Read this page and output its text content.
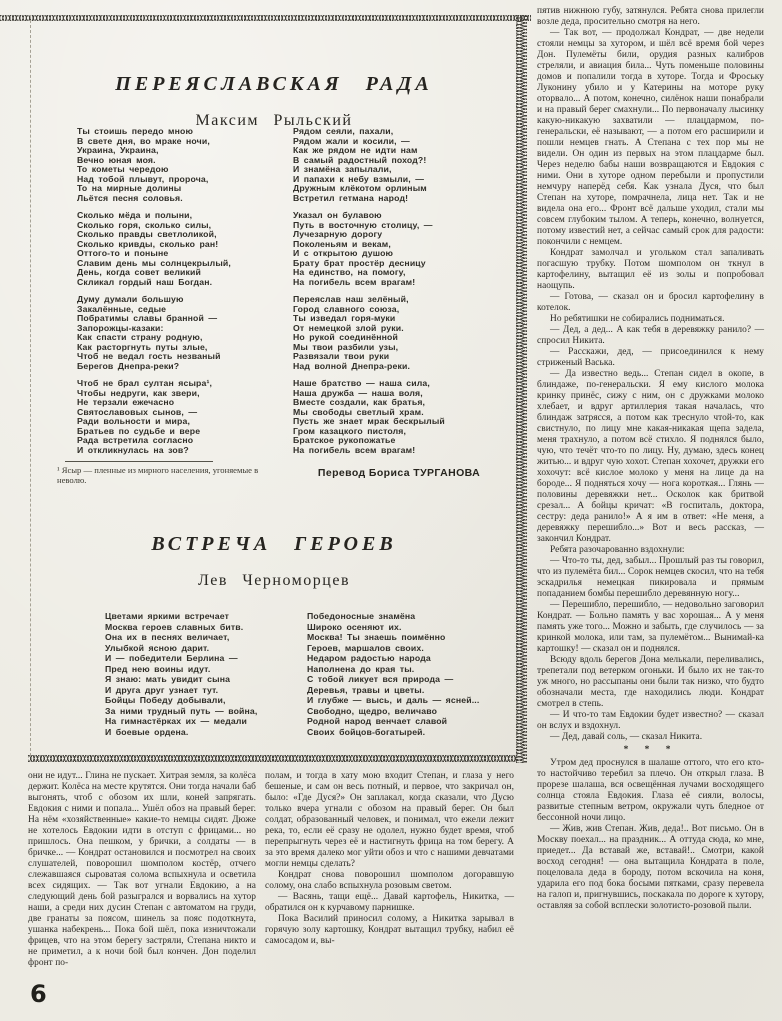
ПЕРЕЯСЛАВСКАЯ РАДА
Максим Рыльский
Ты стоишь передо мною
В свете дня, во мраке ночи,
Украина, Украина,
Вечно юная моя.
То кометы чередою
Над тобой плывут, пророча,
То на мирные долины
Льётся песня соловья.
Сколько мёда и полыни,
Сколько горя, сколько силы,
Сколько правды светлоликой,
Сколько кривды, сколько ран!
Оттого-то и поныне
Славим день мы солнцекрылый,
День, когда совет великий
Скликал гордый наш Богдан.
Думу думали большую
Закалённые, седые
Побратимы славы бранной —
Запорожцы-казаки:
Как спасти страну родную,
Как расторгнуть путы злые,
Чтоб не ведал гость незваный
Берегов Днепра-реки?
Чтоб не брал султан ясыра¹,
Чтобы недруги, как звери,
Не терзали ежечасно
Святославовых сынов, —
Ради вольности и мира,
Братьев по судьбе и вере
Рада встретила согласно
И откликнулась на зов?
Рядом сеяли, пахали,
Рядом жали и косили, —
Как же рядом не идти нам
В самый радостный поход?!
И знамёна запылали,
И папахи к небу взмыли, —
Дружным клёкотом орлиным
Встретил гетмана народ!
Указал он булавою
Путь в восточную столицу, —
Лучезарную дорогу
Поколеньям и векам,
И с открытою душою
Брату брат простёр десницу
На единство, на помогу,
На погибель всем врагам!
Переяслав наш зелёный,
Город славного союза,
Ты изведал горя-муки
От немецкой злой руки.
Но рукой соединённой
Мы твои разбили узы,
Развязали твои руки
Над волной Днепра-реки.
Наше братство — наша сила,
Наша дружба — наша воля,
Вместе создали, как братья,
Мы свободы светлый храм.
Пусть же знает мрак бескрылый
Гром казацкого пистоля,
Братское рукопожатье
На погибель всем врагам!
Перевод Бориса ТУРГАНОВА
¹ Ясыр — пленные из мирного населения, угоняемые в неволю.
ВСТРЕЧА ГЕРОЕВ
Лев Черноморцев
Цветами яркими встречает
Москва героев славных битв.
Она их в песнях величает,
Улыбкой ясною дарит.
И — победители Берлина —
Пред нею воины идут.
Я знаю: мать увидит сына
И друга друг узнает тут.
Бойцы Победу добывали,
За ними трудный путь — война,
На гимнастёрках их — медали
И боевые ордена.
Победоносные знамёна
Широко осеняют их.
Москва! Ты знаешь поимённо
Героев, маршалов своих.
Недаром радостью народа
Наполнена до края ты.
С тобой ликует вся природа —
Деревья, травы и цветы.
И глубже — высь, и даль — ясней...
Свободно, щедро, величаво
Родной народ венчает славой
Своих бойцов-богатырей.

пятив нижнюю губу, затянулся. Ребята снова прилегли возле деда, просительно смотря на него.

— Так вот, — продолжал Кондрат, — две недели стояли немцы за хутором, и шёл всё время бой через Дон. Пулемёты били, орудия разных калибров стреляли, и авиация била... Чуть поменьше половины домов и попалили тогда в хуторе. Тогда и Фроську Луконину убило и у Катерины на моторе руку оторвало... А потом, конечно, силёнок наши понабрали и на правый берег смахнули... По первоначалу лысинку какую-никакую захватили — плацдармом, по-генеральски, её называют, — а потом его расширили и пошли немцев гнать. А Степана с тех пор мы не видели. Он один из первых на этом плацдарме был. Через неделю бабы наши возвращаются и Евдокия с ними. Они в хуторе одном перебыли и пропустили немчуру наперёд себя. Как узнала Дуся, что был Степан на хуторе, помрачнела, лица нет. Так и не видела она его... Фронт всё дальше уходил, стали мы совсем глубоким тылом. А теперь, конечно, волнуется, потому известий нет, а сейчас самый срок для радости: покончили с немцем.

Кондрат замолчал и угольком стал запаливать погасшую трубку. Потом шомполом он ткнул в картофелину, вытащил её из золы и попробовал наощупь.

— Готова, — сказал он и бросил картофелину в котелок.

Но ребятишки не собирались подниматься.

— Дед, а дед... А как тебя в деревяжку ранило? — спросил Никита.

— Расскажи, дед, — присоединился к нему стриженый Васька.

— Да известно ведь... Степан сидел в окопе, в блиндаже, по-генеральски. Я ему кислого молока кринку принёс, сижу с ним, он с дружками молоко хлебает, и вдруг артиллерия такая началась, что блиндаж затрясся, а потом как треснуло чтой-то, как свистнуло, по лицу мне какая-никакая щепа задела, меня трахнуло, а потом всё стихло. Я поднялся было, чую, что течёт что-то по лицу. Ну, думаю, здесь конец житью... и вдруг чую хохот. Степан хохочет, дружки его хохочут: всё кислое молоко у меня на лице да на бороде... Я подняться хочу — нога короткая... Глянь — половины деревяжки нет... Осколок как бритвой срезал... А бойцы кричат: «В госпиталь, доктора, сестру: деда ранило!» А я им в ответ: «Не меня, а деревяжку перешибло...» Вот и весь рассказ, — закончил Кондрат.

Ребята разочарованно вздохнули:

— Что-то ты, дед, забыл... Прошлый раз ты говорил, что из пулемёта бил... Сорок немцев скосил, что на тебя эскадрилья немецкая пикировала и прямым попаданием бомбы перешибло деревянную ногу...

— Перешибло, перешибло, — недовольно заговорил Кондрат. — Больно память у вас хорошая... А у меня память уже того... Можно и забыть, где случилось — за кринкой молока, или там, за пулемётом... Вынимай-ка картошку! — сказал он и поднялся.

Всюду вдоль берегов Дона мелькали, переливались, трепетали под ветерком огоньки. И было их не так-то уж много, но рассыпаны они были так низко, что будто обозначали места, где находились люди. Кондрат смотрел в степь.

— И что-то там Евдокии будет известно? — сказал он вслух и вздохнул.

— Дед, давай соль, — сказал Никита.

* * *

Утром дед проснулся в шалаше оттого, что его кто-то настойчиво теребил за плечо. Он открыл глаза. В прорезе шалаша, вся освещённая лучами восходящего солнца стояла Евдокия. Глаза её сияли, волосы, развитые степным ветром, окружали чуть бледное от бессонной ночи лицо.

— Жив, жив Степан. Жив, деда!.. Вот письмо. Он в Москву поехал... на праздник... А оттуда сюда, ко мне, приедет... Да вставай же, вставай!.. Смотри, какой восход сегодня! — она вытащила Кондрата в поле, поцеловала деда в бороду, потом вскочила на коня, ударила его под бока босыми пятками, сразу перевела на галоп и, пригнувшись, поскакала по дороге к хутору, оставляя за собой всплески золотисто-розовой пыли.

они не идут... Глина не пускает. Хитрая земля, за колёса держит. Колёса на месте крутятся. Они тогда начали баб выгонять, чтоб с обозом их шли, коней запрягать. Евдокия с ними и попала... Ушёл обоз на правый берег. На нём «хозяйственные» какие-то немцы сидят. Дюже не хотелось Евдокии идти в отступ с фрицами... но пришлось. Она пешком, у брички, а солдаты — в бричке... — Кондрат остановился и посмотрел на своих слушателей, поворошил шомполом костёр, отчего слежавшаяся сыроватая солома вспыхнула и осветила всех сидящих. — Так вот угнали Евдокию, а на следующий день бой разыгрался и ворвались на хутор наши, а среди них дусин Степан с автоматом на груди, две гранаты за поясом, шинель за пояс подоткнута, ушанка набекрень... Пока бой шёл, пока изничтожали фрицев, что на этом берегу застряли, Степана никто и не приметил, а к ночи бой был кончен. Дон поделил фронт по-

полам, и тогда в хату мою входит Степан, и глаза у него бешеные, и сам он весь потный, и первое, что закричал он, было: «Где Дуся?» Он заплакал, когда сказали, что Дусю только вчера угнали с обозом на правый берег. Он был солдат, образованный человек, и понимал, что ежели лежит река, то, если её сразу не одолел, нужно будет время, чтоб перепрыгнуть через её и настигнуть фрица на том берегу. А за это время далеко мог уйти обоз и что с нашими девчатами могли немцы сделать?

Кондрат снова поворошил шомполом догоравшую солому, она слабо вспыхнула розовым светом.

— Васянь, тащи ещё... Давай картофель, Никитка, — обратился он к курчавому парнишке.

Пока Василий приносил солому, а Никитка зарывал в горячую золу картошку, Кондрат вытащил трубку, набил её самосадом и, вы-

6
